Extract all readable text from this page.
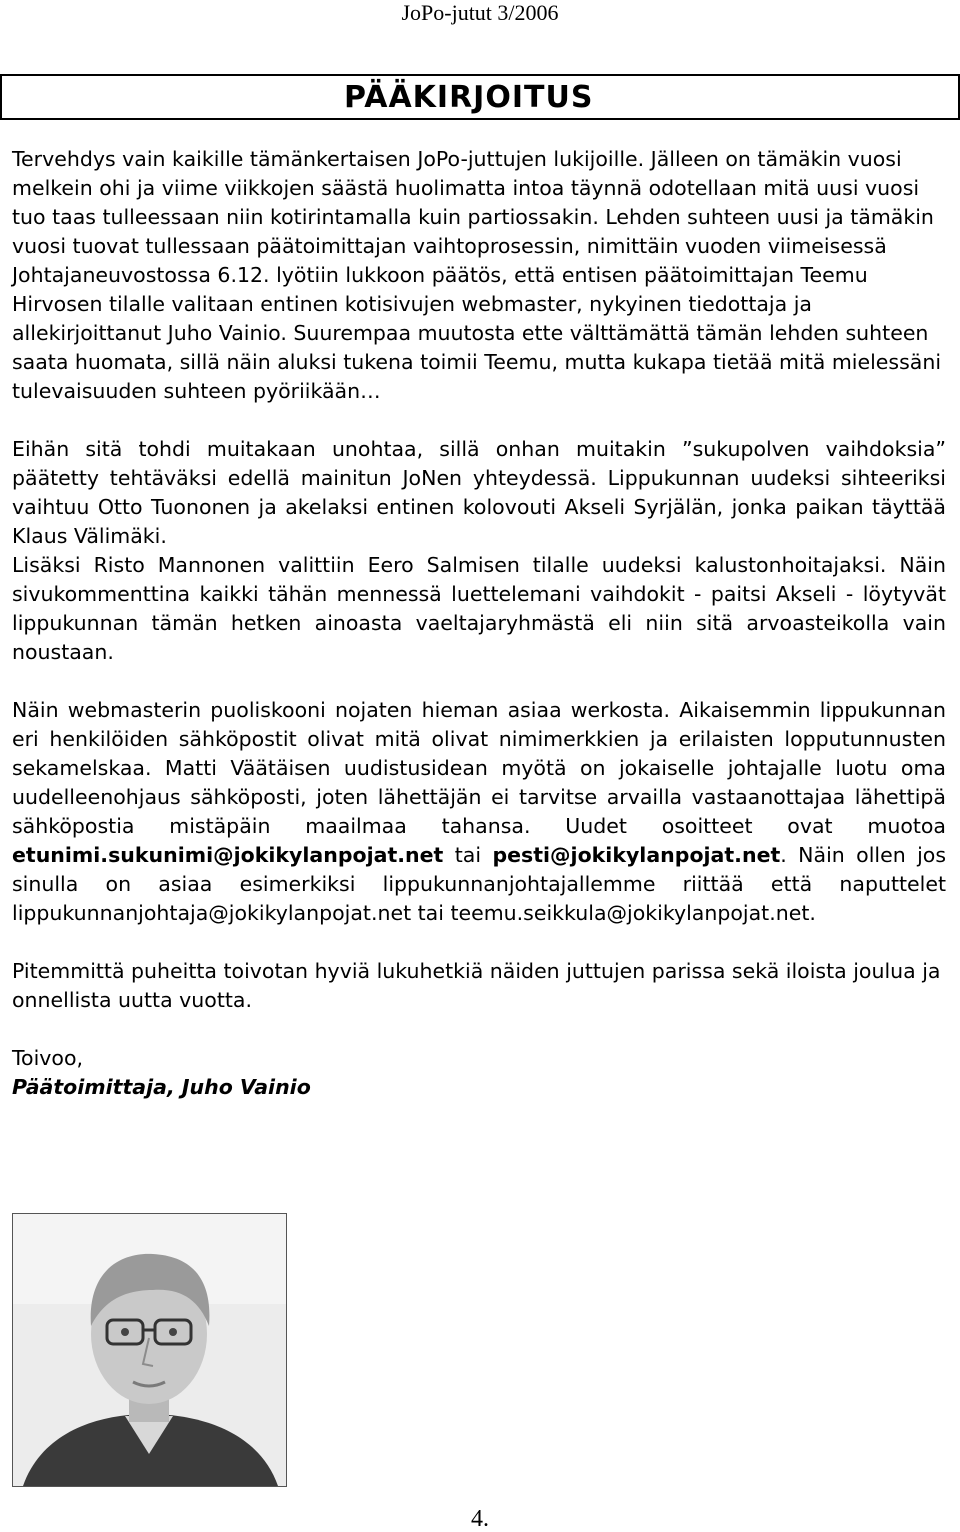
JoPo-jutut 3/2006
PÄÄKIRJOITUS

Tervehdys vain kaikille tämänkertaisen JoPo-juttujen lukijoille. Jälleen on tämäkin vuosi melkein ohi ja viime viikkojen säästä huolimatta intoa täynnä odotellaan mitä uusi vuosi tuo taas tulleessaan niin kotirintamalla kuin partiossakin. Lehden suhteen uusi ja tämäkin vuosi tuovat tullessaan päätoimittajan vaihtoprosessin, nimittäin vuoden viimeisessä Johtajaneuvostossa 6.12. lyötiin lukkoon päätös, että entisen päätoimittajan Teemu Hirvosen tilalle valitaan entinen kotisivujen webmaster, nykyinen tiedottaja ja allekirjoittanut Juho Vainio. Suurempaa muutosta ette välttämättä tämän lehden suhteen saata huomata, sillä näin aluksi tukena toimii Teemu, mutta kukapa tietää mitä mielessäni tulevaisuuden suhteen pyöriikään…

Eihän sitä tohdi muitakaan unohtaa, sillä onhan muitakin ”sukupolven vaihdoksia” päätetty tehtäväksi edellä mainitun JoNen yhteydessä. Lippukunnan uudeksi sihteeriksi vaihtuu Otto Tuononen ja akelaksi entinen kolovouti Akseli Syrjälän, jonka paikan täyttää Klaus Välimäki.

Lisäksi Risto Mannonen valittiin Eero Salmisen tilalle uudeksi kalustonhoitajaksi. Näin sivukommenttina kaikki tähän mennessä luettelemani vaihdokit - paitsi Akseli - löytyvät lippukunnan tämän hetken ainoasta vaeltajaryhmästä eli niin sitä arvoasteikolla vain noustaan.

Näin webmasterin puoliskooni nojaten hieman asiaa werkosta. Aikaisemmin lippukunnan eri henkilöiden sähköpostit olivat mitä olivat nimimerkkien ja erilaisten lopputunnusten sekamelskaa. Matti Väätäisen uudistusidean myötä on jokaiselle johtajalle luotu oma uudelleenohjaus sähköposti, joten lähettäjän ei tarvitse arvailla vastaanottajaa lähettipä sähköpostia mistäpäin maailmaa tahansa. Uudet osoitteet ovat muotoa etunimi.sukunimi@jokikylanpojat.net tai pesti@jokikylanpojat.net. Näin ollen jos sinulla on asiaa esimerkiksi lippukunnanjohtajallemme riittää että naputtelet lippukunnanjohtaja@jokikylanpojat.net tai teemu.seikkula@jokikylanpojat.net.

Pitemmittä puheitta toivotan hyviä lukuhetkiä näiden juttujen parissa sekä iloista joulua ja onnellista uutta vuotta.

Toivoo,
Päätoimittaja, Juho Vainio
4.
